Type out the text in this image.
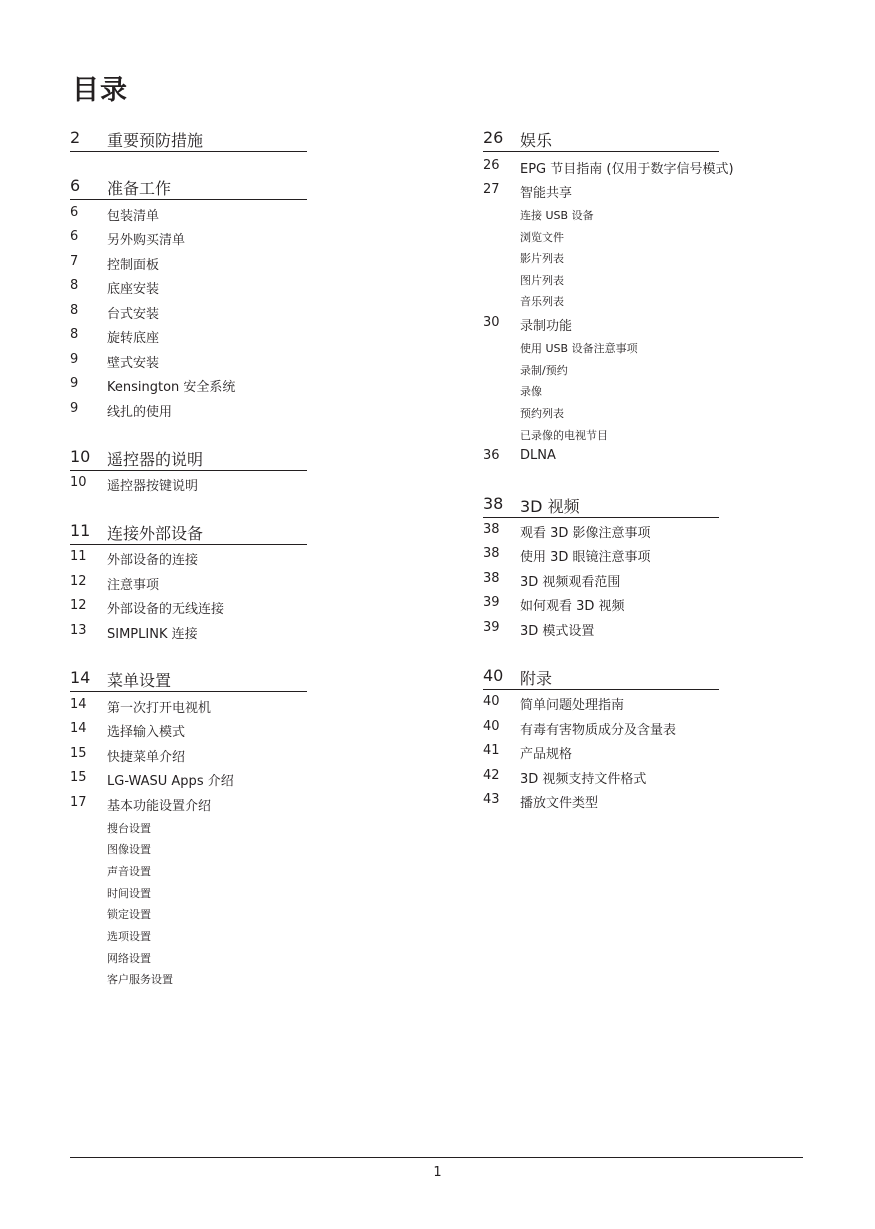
目录
2 重要预防措施
6 准备工作
6 包装清单
6 另外购买清单
7 控制面板
8 底座安装
8 台式安装
8 旋转底座
9 壁式安装
9 Kensington 安全系统
9 线扎的使用
10 遥控器的说明
10 遥控器按键说明
11 连接外部设备
11 外部设备的连接
12 注意事项
12 外部设备的无线连接
13 SIMPLINK 连接
14 菜单设置
14 第一次打开电视机
14 选择输入模式
15 快捷菜单介绍
15 LG-WASU Apps 介绍
17 基本功能设置介绍
搜台设置
图像设置
声音设置
时间设置
锁定设置
选项设置
网络设置
客户服务设置
26 娱乐
26 EPG 节目指南 (仅用于数字信号模式)
27 智能共享
连接 USB 设备
浏览文件
影片列表
图片列表
音乐列表
30 录制功能
使用 USB 设备注意事项
录制/预约
录像
预约列表
已录像的电视节目
36 DLNA
38 3D 视频
38 观看 3D 影像注意事项
38 使用 3D 眼镜注意事项
38 3D 视频观看范围
39 如何观看 3D 视频
39 3D 模式设置
40 附录
40 简单问题处理指南
40 有毒有害物质成分及含量表
41 产品规格
42 3D 视频支持文件格式
43 播放文件类型
1
